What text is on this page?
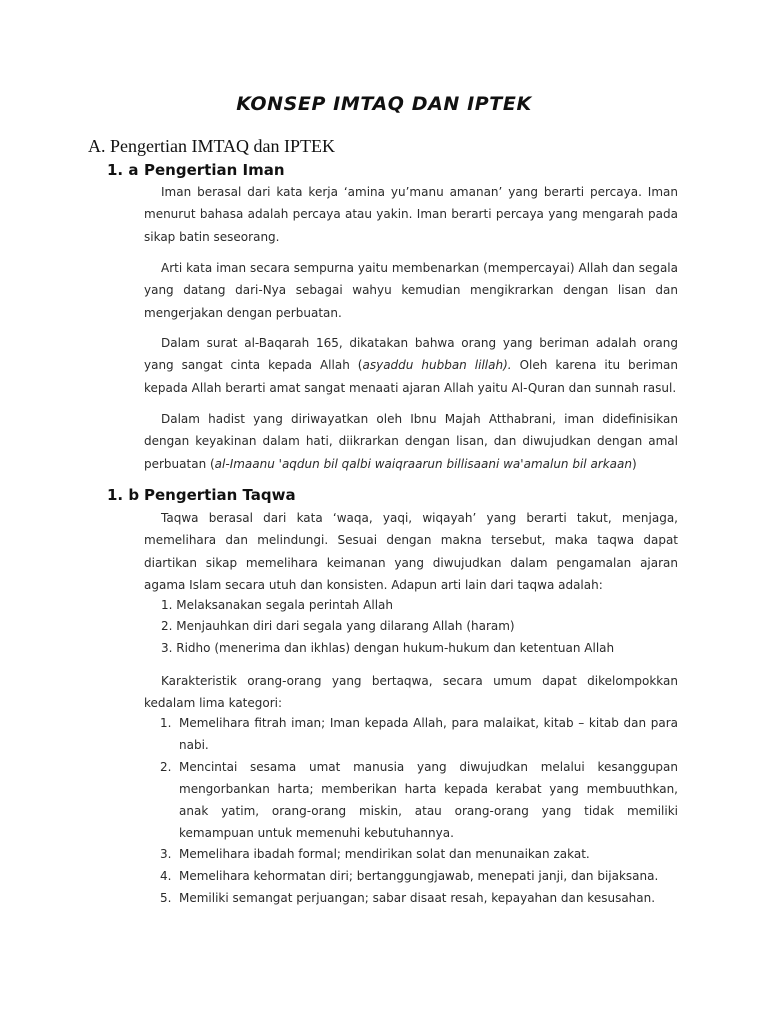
KONSEP IMTAQ DAN IPTEK
A. Pengertian IMTAQ dan IPTEK
1. a Pengertian Iman

Iman berasal dari kata kerja ‘amina yu’manu amanan’ yang berarti percaya. Iman menurut bahasa adalah percaya atau yakin. Iman berarti percaya yang mengarah pada sikap batin seseorang.

Arti kata iman secara sempurna yaitu membenarkan (mempercayai) Allah dan segala yang datang dari-Nya sebagai wahyu kemudian mengikrarkan dengan lisan dan mengerjakan dengan perbuatan.

Dalam surat al-Baqarah 165, dikatakan bahwa orang yang beriman adalah orang yang sangat cinta kepada Allah (asyaddu hubban lillah). Oleh karena itu beriman kepada Allah berarti amat sangat menaati ajaran Allah yaitu Al-Quran dan sunnah rasul.

Dalam hadist yang diriwayatkan oleh Ibnu Majah Atthabrani, iman didefinisikan dengan keyakinan dalam hati, diikrarkan dengan lisan, dan diwujudkan dengan amal perbuatan (al-Imaanu 'aqdun bil qalbi waiqraarun billisaani wa'amalun bil arkaan)

1. b Pengertian Taqwa

Taqwa berasal dari kata ‘waqa, yaqi, wiqayah’ yang berarti takut, menjaga, memelihara dan melindungi. Sesuai dengan makna tersebut, maka taqwa dapat diartikan sikap memelihara keimanan yang diwujudkan dalam pengamalan ajaran agama Islam secara utuh dan konsisten. Adapun arti lain dari taqwa adalah:

1. Melaksanakan segala perintah Allah
2. Menjauhkan diri dari segala yang dilarang Allah (haram)
3. Ridho (menerima dan ikhlas) dengan hukum-hukum dan ketentuan Allah

Karakteristik orang-orang yang bertaqwa, secara umum dapat dikelompokkan kedalam lima kategori:

1. Memelihara fitrah iman; Iman kepada Allah, para malaikat, kitab – kitab dan para nabi.
2. Mencintai sesama umat manusia yang diwujudkan melalui kesanggupan mengorbankan harta; memberikan harta kepada kerabat yang membuuthkan, anak yatim, orang-orang miskin, atau orang-orang yang tidak memiliki kemampuan untuk memenuhi kebutuhannya.
3. Memelihara ibadah formal; mendirikan solat dan menunaikan zakat.
4. Memelihara kehormatan diri; bertanggungjawab, menepati janji, dan bijaksana.
5. Memiliki semangat perjuangan; sabar disaat resah, kepayahan dan kesusahan.
